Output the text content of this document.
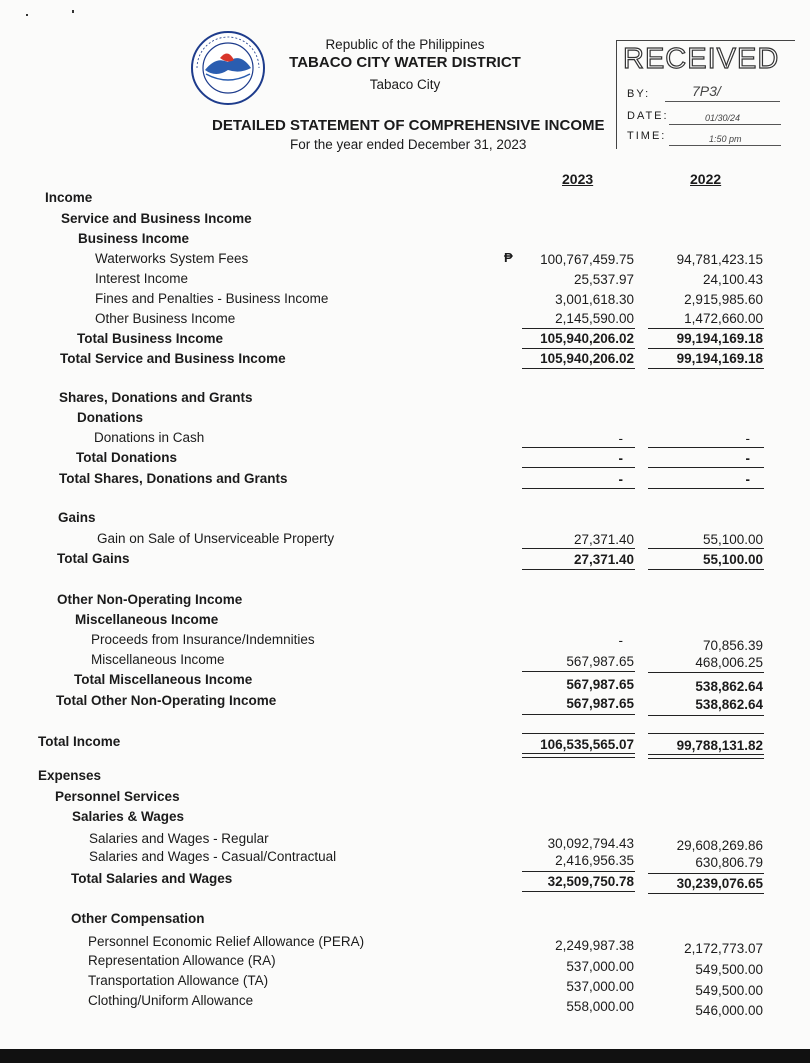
Republic of the Philippines
TABACO CITY WATER DISTRICT
Tabaco City
DETAILED STATEMENT OF COMPREHENSIVE INCOME
For the year ended December 31, 2023
RECEIVED
BY:	7P3/
DATE:	01/30/24
TIME:	1:50 pm
2023	2022
Income
Service and Business Income
Business Income
Waterworks System Fees	₱	100,767,459.75	94,781,423.15
Interest Income	25,537.97	24,100.43
Fines and Penalties - Business Income	3,001,618.30	2,915,985.60
Other Business Income	2,145,590.00	1,472,660.00
Total Business Income	105,940,206.02	99,194,169.18
Total Service and Business Income	105,940,206.02	99,194,169.18
Shares, Donations and Grants
Donations
Donations in Cash	-	-
Total Donations	-	-
Total Shares, Donations and Grants	-	-
Gains
Gain on Sale of Unserviceable Property	27,371.40	55,100.00
Total Gains	27,371.40	55,100.00
Other Non-Operating Income
Miscellaneous Income
Proceeds from Insurance/Indemnities	-	70,856.39
Miscellaneous Income	567,987.65	468,006.25
Total Miscellaneous Income	567,987.65	538,862.64
Total Other Non-Operating Income	567,987.65	538,862.64
Total Income	106,535,565.07	99,788,131.82
Expenses
Personnel Services
Salaries & Wages
Salaries and Wages - Regular	30,092,794.43	29,608,269.86
Salaries and Wages - Casual/Contractual	2,416,956.35	630,806.79
Total Salaries and Wages	32,509,750.78	30,239,076.65
Other Compensation
Personnel Economic Relief Allowance (PERA)	2,249,987.38	2,172,773.07
Representation Allowance (RA)	537,000.00	549,500.00
Transportation Allowance (TA)	537,000.00	549,500.00
Clothing/Uniform Allowance	558,000.00	546,000.00
